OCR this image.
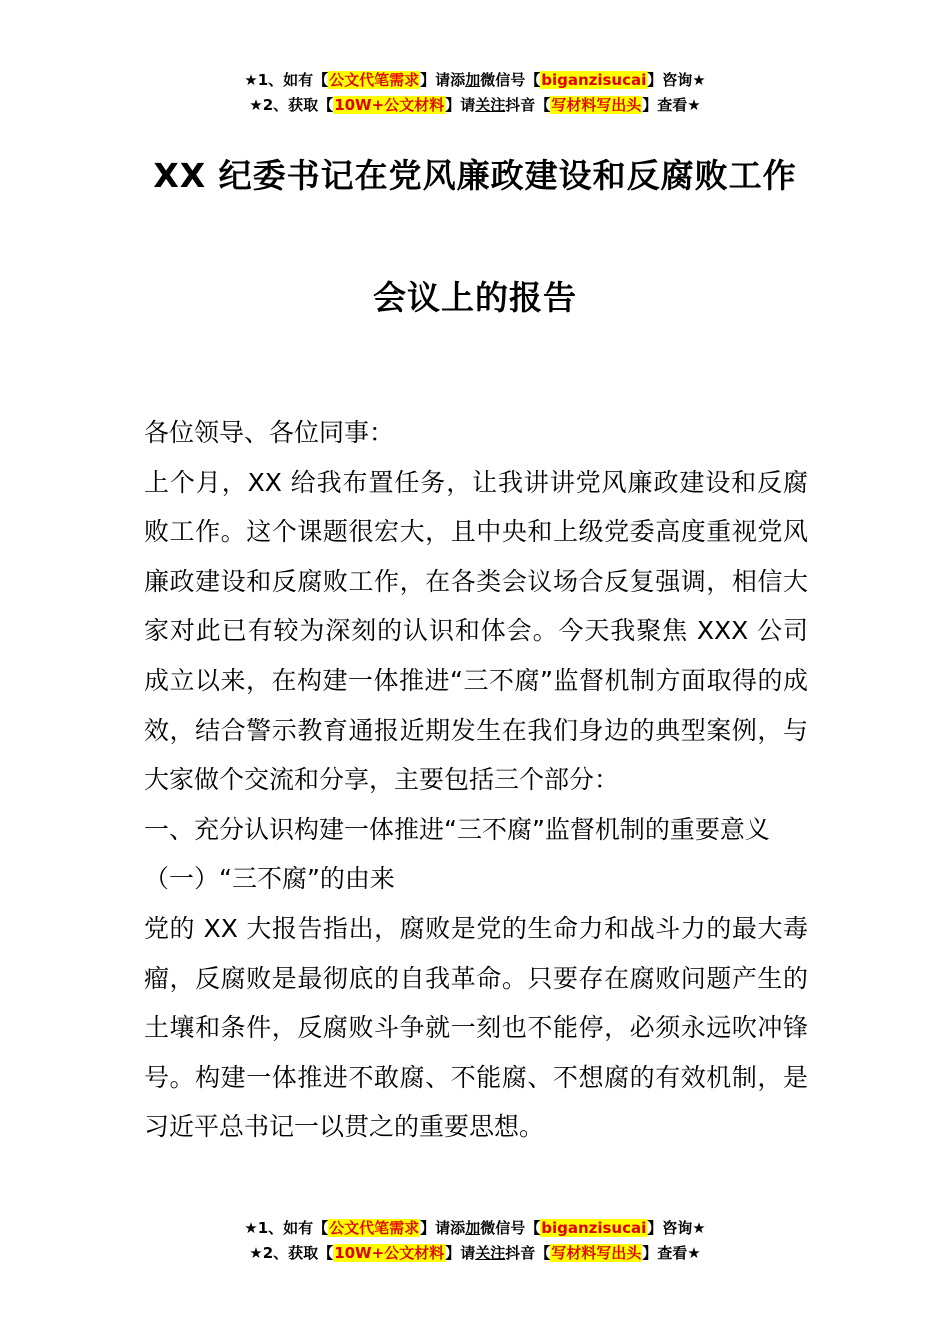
★1、如有【公文代笔需求】请添加微信号【biganzisucai】咨询★
★2、获取【10W+公文材料】请关注抖音【写材料写出头】查看★
XX 纪委书记在党风廉政建设和反腐败工作
会议上的报告

各位领导、各位同事：

上个月，XX 给我布置任务，让我讲讲党风廉政建设和反腐败工作。这个课题很宏大，且中央和上级党委高度重视党风廉政建设和反腐败工作，在各类会议场合反复强调，相信大家对此已有较为深刻的认识和体会。今天我聚焦 XXX 公司成立以来，在构建一体推进“三不腐”监督机制方面取得的成效，结合警示教育通报近期发生在我们身边的典型案例，与大家做个交流和分享，主要包括三个部分：

一、充分认识构建一体推进“三不腐”监督机制的重要意义

（一）“三不腐”的由来

党的 XX 大报告指出，腐败是党的生命力和战斗力的最大毒瘤，反腐败是最彻底的自我革命。只要存在腐败问题产生的土壤和条件，反腐败斗争就一刻也不能停，必须永远吹冲锋号。构建一体推进不敢腐、不能腐、不想腐的有效机制，是习近平总书记一以贯之的重要思想。

★1、如有【公文代笔需求】请添加微信号【biganzisucai】咨询★
★2、获取【10W+公文材料】请关注抖音【写材料写出头】查看★
